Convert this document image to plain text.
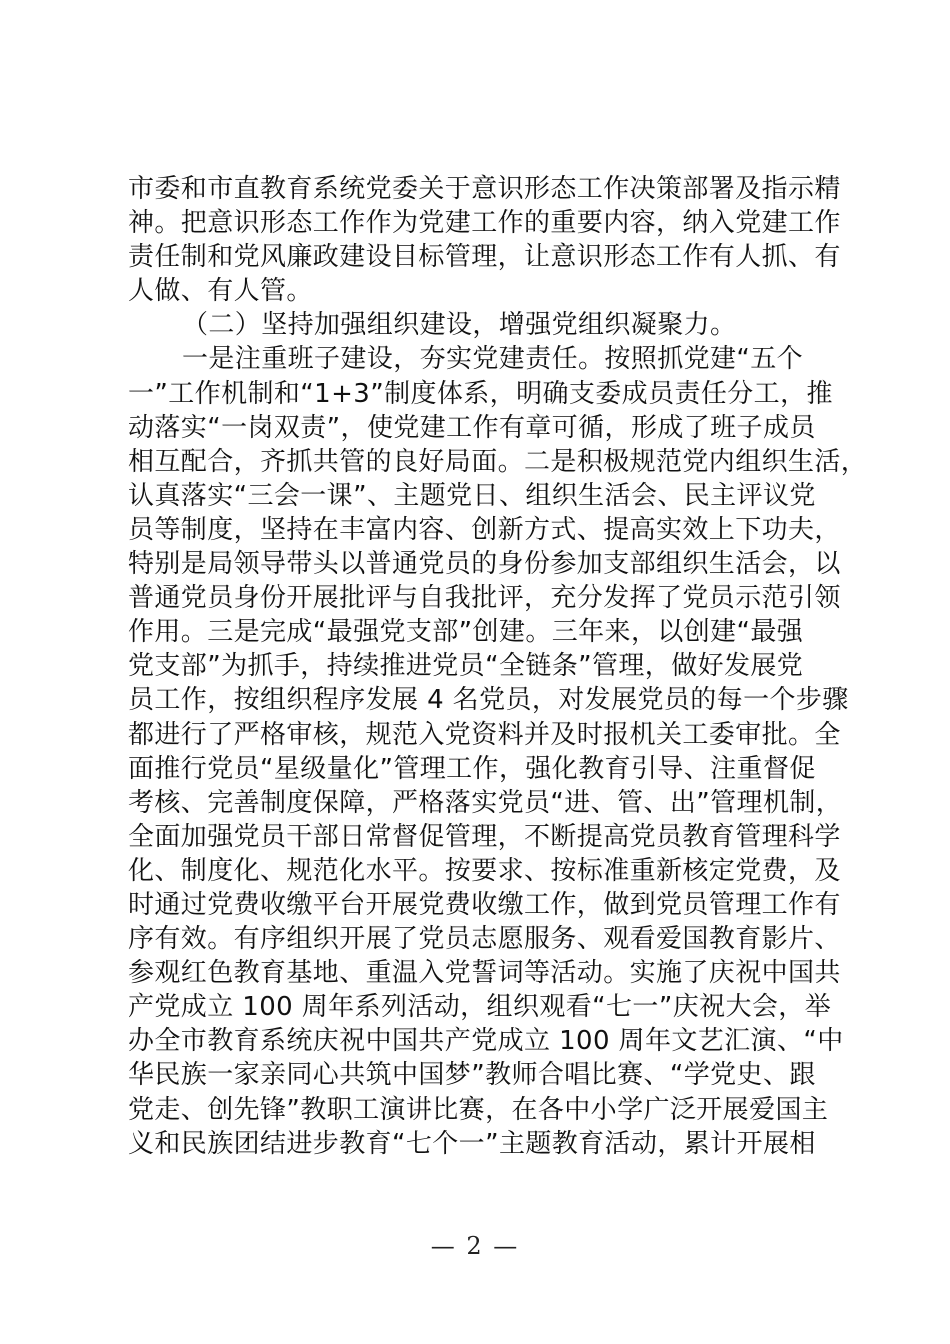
市委和市直教育系统党委关于意识形态工作决策部署及指示精
神。把意识形态工作作为党建工作的重要内容，纳入党建工作
责任制和党风廉政建设目标管理，让意识形态工作有人抓、有
人做、有人管。
（二）坚持加强组织建设，增强党组织凝聚力。
一是注重班子建设，夯实党建责任。按照抓党建“五个
一”工作机制和“1+3”制度体系，明确支委成员责任分工，推
动落实“一岗双责”，使党建工作有章可循，形成了班子成员
相互配合，齐抓共管的良好局面。二是积极规范党内组织生活，
认真落实“三会一课”、主题党日、组织生活会、民主评议党
员等制度，坚持在丰富内容、创新方式、提高实效上下功夫，
特别是局领导带头以普通党员的身份参加支部组织生活会，以
普通党员身份开展批评与自我批评，充分发挥了党员示范引领
作用。三是完成“最强党支部”创建。三年来，以创建“最强
党支部”为抓手，持续推进党员“全链条”管理，做好发展党
员工作，按组织程序发展 4 名党员，对发展党员的每一个步骤
都进行了严格审核，规范入党资料并及时报机关工委审批。全
面推行党员“星级量化”管理工作，强化教育引导、注重督促
考核、完善制度保障，严格落实党员“进、管、出”管理机制，
全面加强党员干部日常督促管理，不断提高党员教育管理科学
化、制度化、规范化水平。按要求、按标准重新核定党费，及
时通过党费收缴平台开展党费收缴工作，做到党员管理工作有
序有效。有序组织开展了党员志愿服务、观看爱国教育影片、
参观红色教育基地、重温入党誓词等活动。实施了庆祝中国共
产党成立 100 周年系列活动，组织观看“七一”庆祝大会，举
办全市教育系统庆祝中国共产党成立 100 周年文艺汇演、“中
华民族一家亲同心共筑中国梦”教师合唱比赛、“学党史、跟
党走、创先锋”教职工演讲比赛，在各中小学广泛开展爱国主
义和民族团结进步教育“七个一”主题教育活动，累计开展相
— 2 —
